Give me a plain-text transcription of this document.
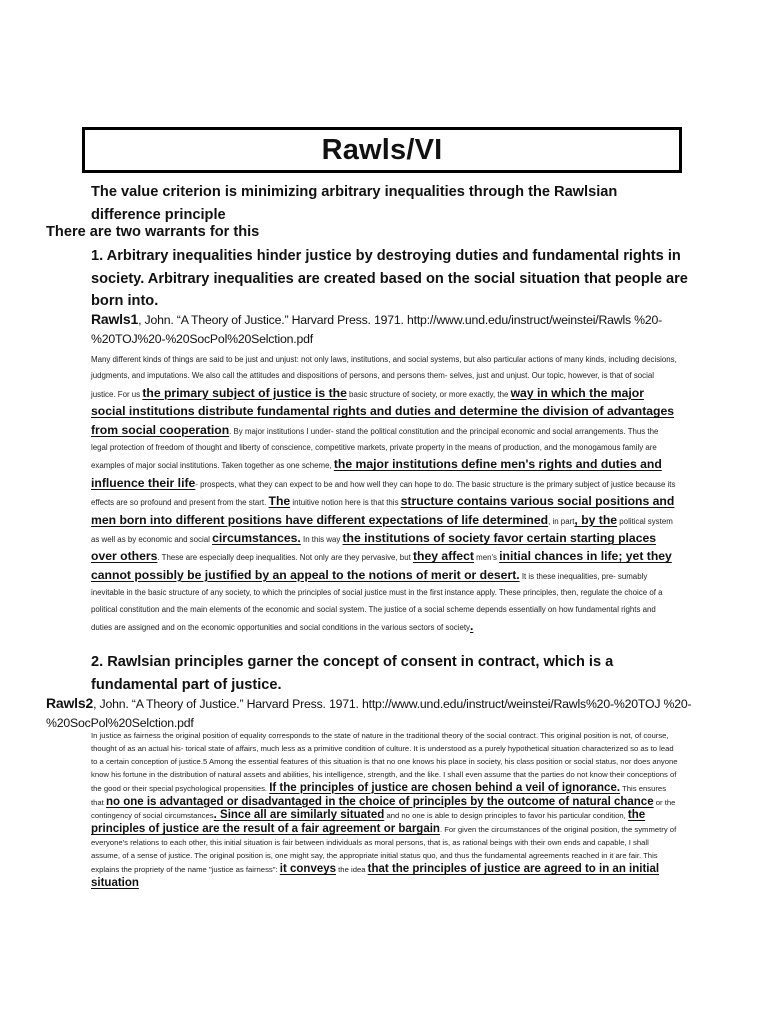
Rawls/VI

The value criterion is minimizing arbitrary inequalities through the Rawlsian difference principle

There are two warrants for this

1. Arbitrary inequalities hinder justice by destroying duties and fundamental rights in society. Arbitrary inequalities are created based on the social situation that people are born into.

Rawls1, John. “A Theory of Justice.” Harvard Press. 1971. http://www.und.edu/instruct/weinstei/Rawls %20-%20TOJ%20-%20SocPol%20Selction.pdf

Many different kinds of things are said to be just and unjust: not only laws, institutions, and social systems, but also particular actions of many kinds, including decisions, judgments, and imputations. We also call the attitudes and dispositions of persons, and persons them- selves, just and unjust. Our topic, however, is that of social justice. For us the primary subject of justice is the basic structure of society, or more exactly, the way in which the major social institutions distribute fundamental rights and duties and determine the division of advantages from social cooperation. By major institutions I under- stand the political constitution and the principal economic and social arrangements. Thus the legal protection of freedom of thought and liberty of conscience, competitive markets, private property in the means of production, and the monogamous family are examples of major social institutions. Taken together as one scheme, the major institutions define men's rights and duties and influence their life- prospects, what they can expect to be and how well they can hope to do. The basic structure is the primary subject of justice because its effects are so profound and present from the start. The intuitive notion here is that this structure contains various social positions and men born into different positions have different expectations of life determined, in part, by the political system as well as by economic and social circumstances. In this way the institutions of society favor certain starting places over others. These are especially deep inequalities. Not only are they pervasive, but they affect men's initial chances in life; yet they cannot possibly be justified by an appeal to the notions of merit or desert. It is these inequalities, pre- sumably inevitable in the basic structure of any society, to which the principles of social justice must in the first instance apply. These principles, then, regulate the choice of a political constitution and the main elements of the economic and social system. The justice of a social scheme depends essentially on how fundamental rights and duties are assigned and on the economic opportunities and social conditions in the various sectors of society.

2. Rawlsian principles garner the concept of consent in contract, which is a fundamental part of justice.

Rawls2, John. “A Theory of Justice.” Harvard Press. 1971. http://www.und.edu/instruct/weinstei/Rawls%20-%20TOJ %20-%20SocPol%20Selction.pdf

In justice as fairness the original position of equality corresponds to the state of nature in the traditional theory of the social contract. This original position is not, of course, thought of as an actual his- torical state of affairs, much less as a primitive condition of culture. It is understood as a purely hypothetical situation characterized so as to lead to a certain conception of justice.5 Among the essential features of this situation is that no one knows his place in society, his class position or social status, nor does anyone know his fortune in the distribution of natural assets and abilities, his intelligence, strength, and the like. I shall even assume that the parties do not know their conceptions of the good or their special psychological propensities. If the principles of justice are chosen behind a veil of ignorance. This ensures that no one is advantaged or disadvantaged in the choice of principles by the outcome of natural chance or the contingency of social circumstances. Since all are similarly situated and no one is able to design principles to favor his particular condition, the principles of justice are the result of a fair agreement or bargain. For given the circumstances of the original position, the symmetry of everyone's relations to each other, this initial situation is fair between individuals as moral persons, that is, as rational beings with their own ends and capable, I shall assume, of a sense of justice. The original position is, one might say, the appropriate initial status quo, and thus the fundamental agreements reached in it are fair. This explains the propriety of the name "justice as fairness": it conveys the idea that the principles of justice are agreed to in an initial situation
